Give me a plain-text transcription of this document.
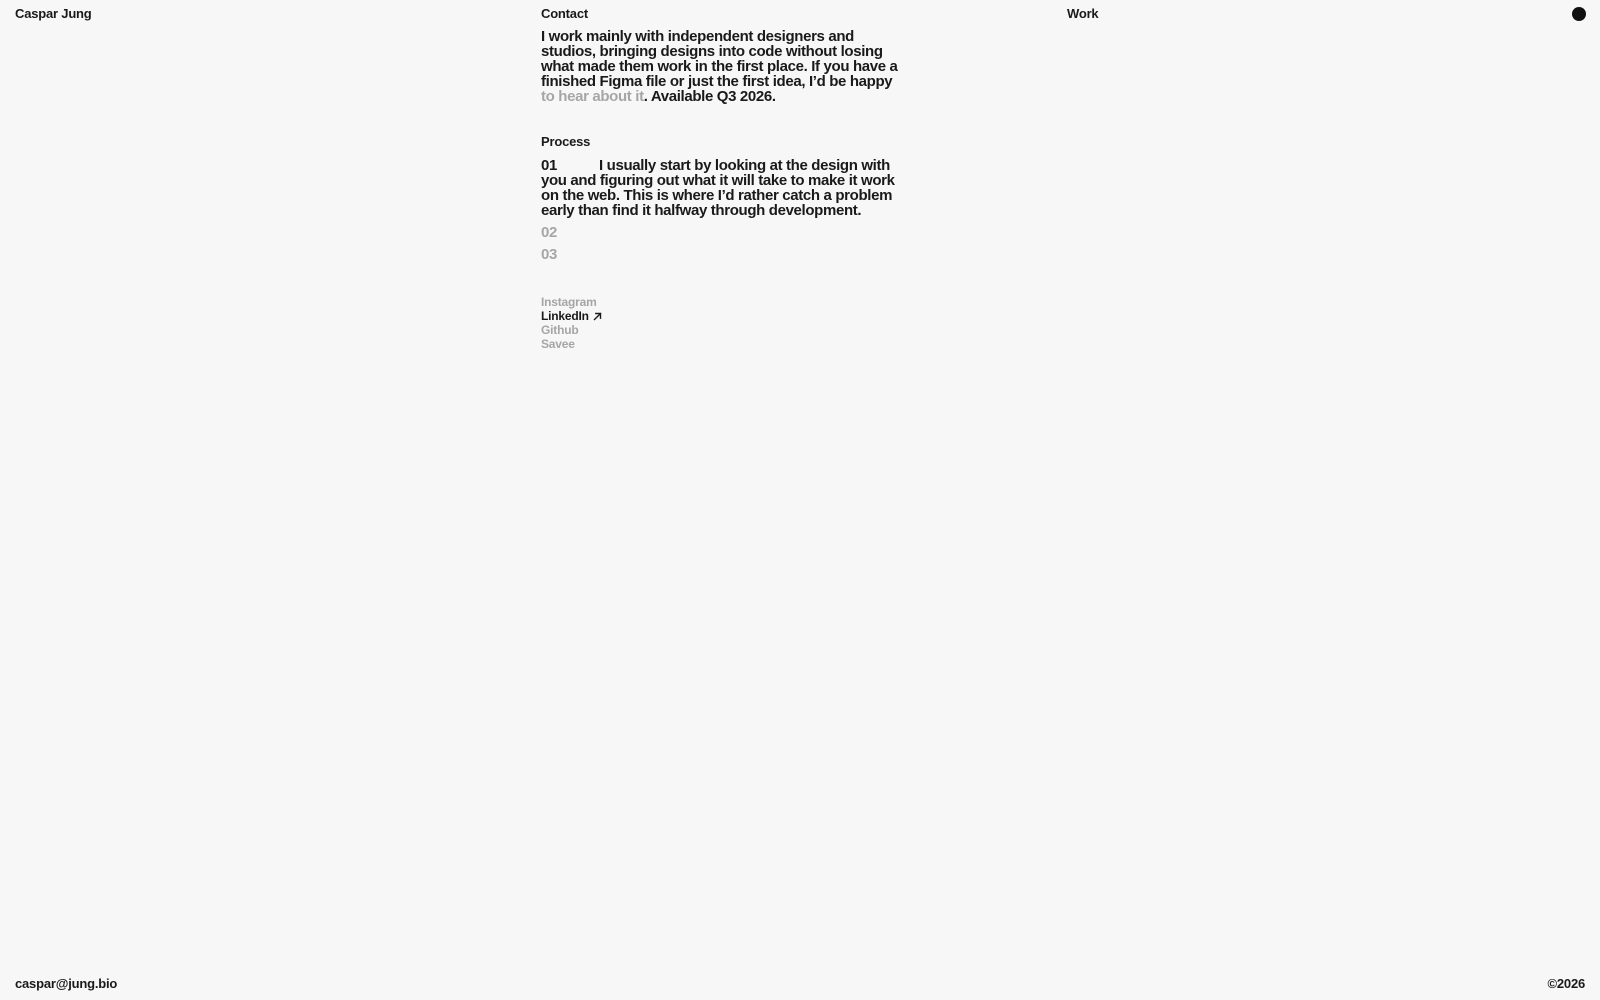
Caspar Jung	Contact	Work

I work mainly with independent designers and studios, bringing designs into code without losing what made them work in the first place. If you have a finished Figma file or just the first idea, I’d be happy to hear about it. Available Q3 2026.

Process
01	I usually start by looking at the design with you and figuring out what it will take to make it work on the web. This is where I’d rather catch a problem early than find it halfway through development.
02
03
Instagram
LinkedIn
Github
Savee
caspar@jung.bio	©2026
